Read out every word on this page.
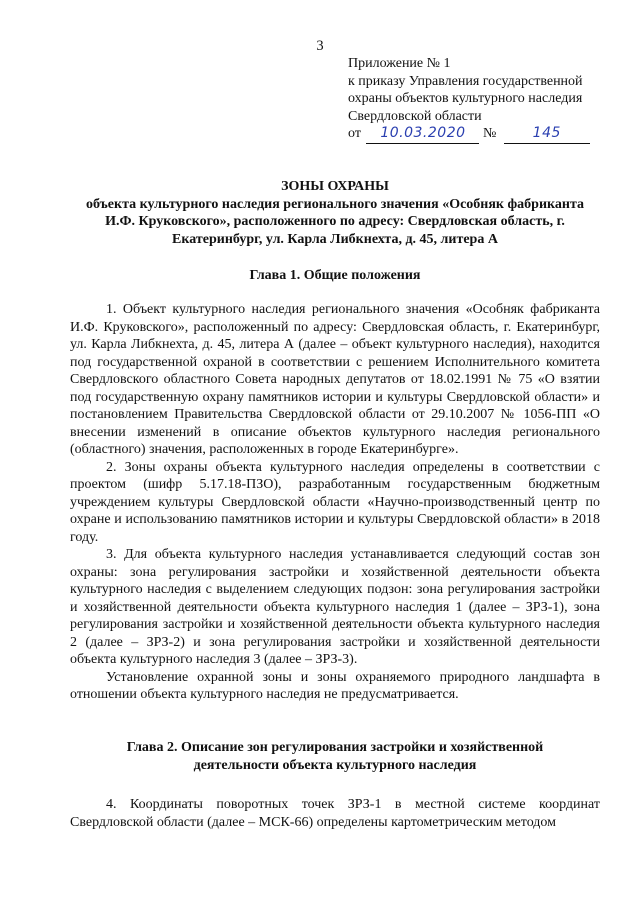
3
Приложение № 1
к приказу Управления государственной
охраны объектов культурного наследия
Свердловской области
от 10.03.2020 №	145
ЗОНЫ ОХРАНЫ
объекта культурного наследия регионального значения «Особняк фабриканта И.Ф. Круковского», расположенного по адресу: Свердловская область, г. Екатеринбург, ул. Карла Либкнехта, д. 45, литера А
Глава 1. Общие положения

1. Объект культурного наследия регионального значения «Особняк фабриканта И.Ф. Круковского», расположенный по адресу: Свердловская область, г. Екатеринбург, ул. Карла Либкнехта, д. 45, литера А (далее – объект культурного наследия), находится под государственной охраной в соответствии с решением Исполнительного комитета Свердловского областного Совета народных депутатов от 18.02.1991 № 75 «О взятии под государственную охрану памятников истории и культуры Свердловской области» и постановлением Правительства Свердловской области от 29.10.2007 № 1056-ПП «О внесении изменений в описание объектов культурного наследия регионального (областного) значения, расположенных в городе Екатеринбурге».

2. Зоны охраны объекта культурного наследия определены в соответствии с проектом (шифр 5.17.18-ПЗО), разработанным государственным бюджетным учреждением культуры Свердловской области «Научно-производственный центр по охране и использованию памятников истории и культуры Свердловской области» в 2018 году.

3. Для объекта культурного наследия устанавливается следующий состав зон охраны: зона регулирования застройки и хозяйственной деятельности объекта культурного наследия с выделением следующих подзон: зона регулирования застройки и хозяйственной деятельности объекта культурного наследия 1 (далее – ЗРЗ-1), зона регулирования застройки и хозяйственной деятельности объекта культурного наследия 2 (далее – ЗРЗ-2) и зона регулирования застройки и хозяйственной деятельности объекта культурного наследия 3 (далее – ЗРЗ-3).

Установление охранной зоны и зоны охраняемого природного ландшафта в отношении объекта культурного наследия не предусматривается.

Глава 2. Описание зон регулирования застройки и хозяйственной
деятельности объекта культурного наследия

4. Координаты поворотных точек ЗРЗ-1 в местной системе координат Свердловской области (далее – МСК-66) определены картометрическим методом
